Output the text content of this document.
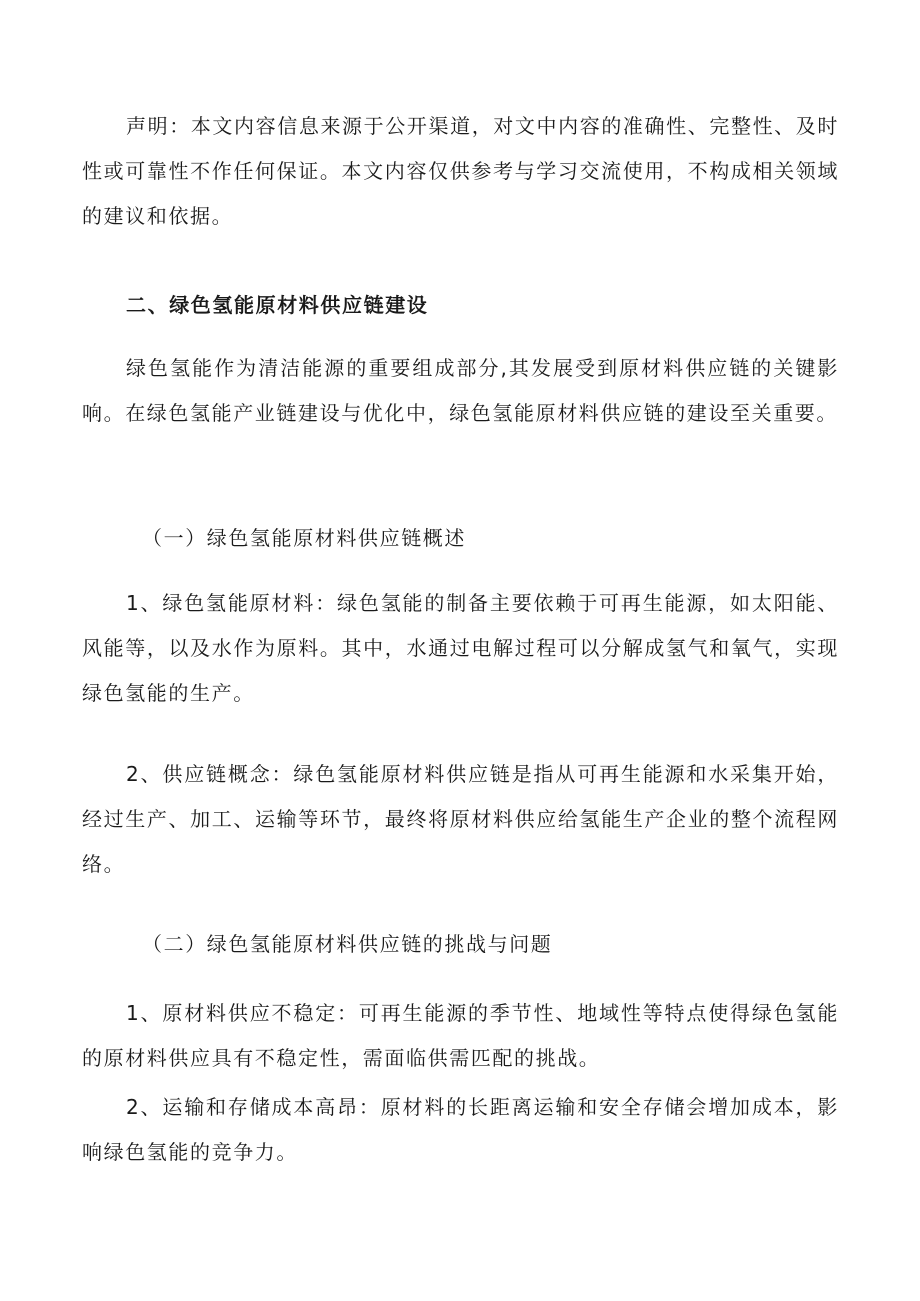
声明：本文内容信息来源于公开渠道，对文中内容的准确性、完整性、及时性或可靠性不作任何保证。本文内容仅供参考与学习交流使用，不构成相关领域的建议和依据。

二、绿色氢能原材料供应链建设

绿色氢能作为清洁能源的重要组成部分,其发展受到原材料供应链的关键影响。在绿色氢能产业链建设与优化中，绿色氢能原材料供应链的建设至关重要。

（一）绿色氢能原材料供应链概述

1、绿色氢能原材料：绿色氢能的制备主要依赖于可再生能源，如太阳能、风能等，以及水作为原料。其中，水通过电解过程可以分解成氢气和氧气，实现绿色氢能的生产。

2、供应链概念：绿色氢能原材料供应链是指从可再生能源和水采集开始，经过生产、加工、运输等环节，最终将原材料供应给氢能生产企业的整个流程网络。

（二）绿色氢能原材料供应链的挑战与问题

1、原材料供应不稳定：可再生能源的季节性、地域性等特点使得绿色氢能的原材料供应具有不稳定性，需面临供需匹配的挑战。

2、运输和存储成本高昂：原材料的长距离运输和安全存储会增加成本，影响绿色氢能的竞争力。
